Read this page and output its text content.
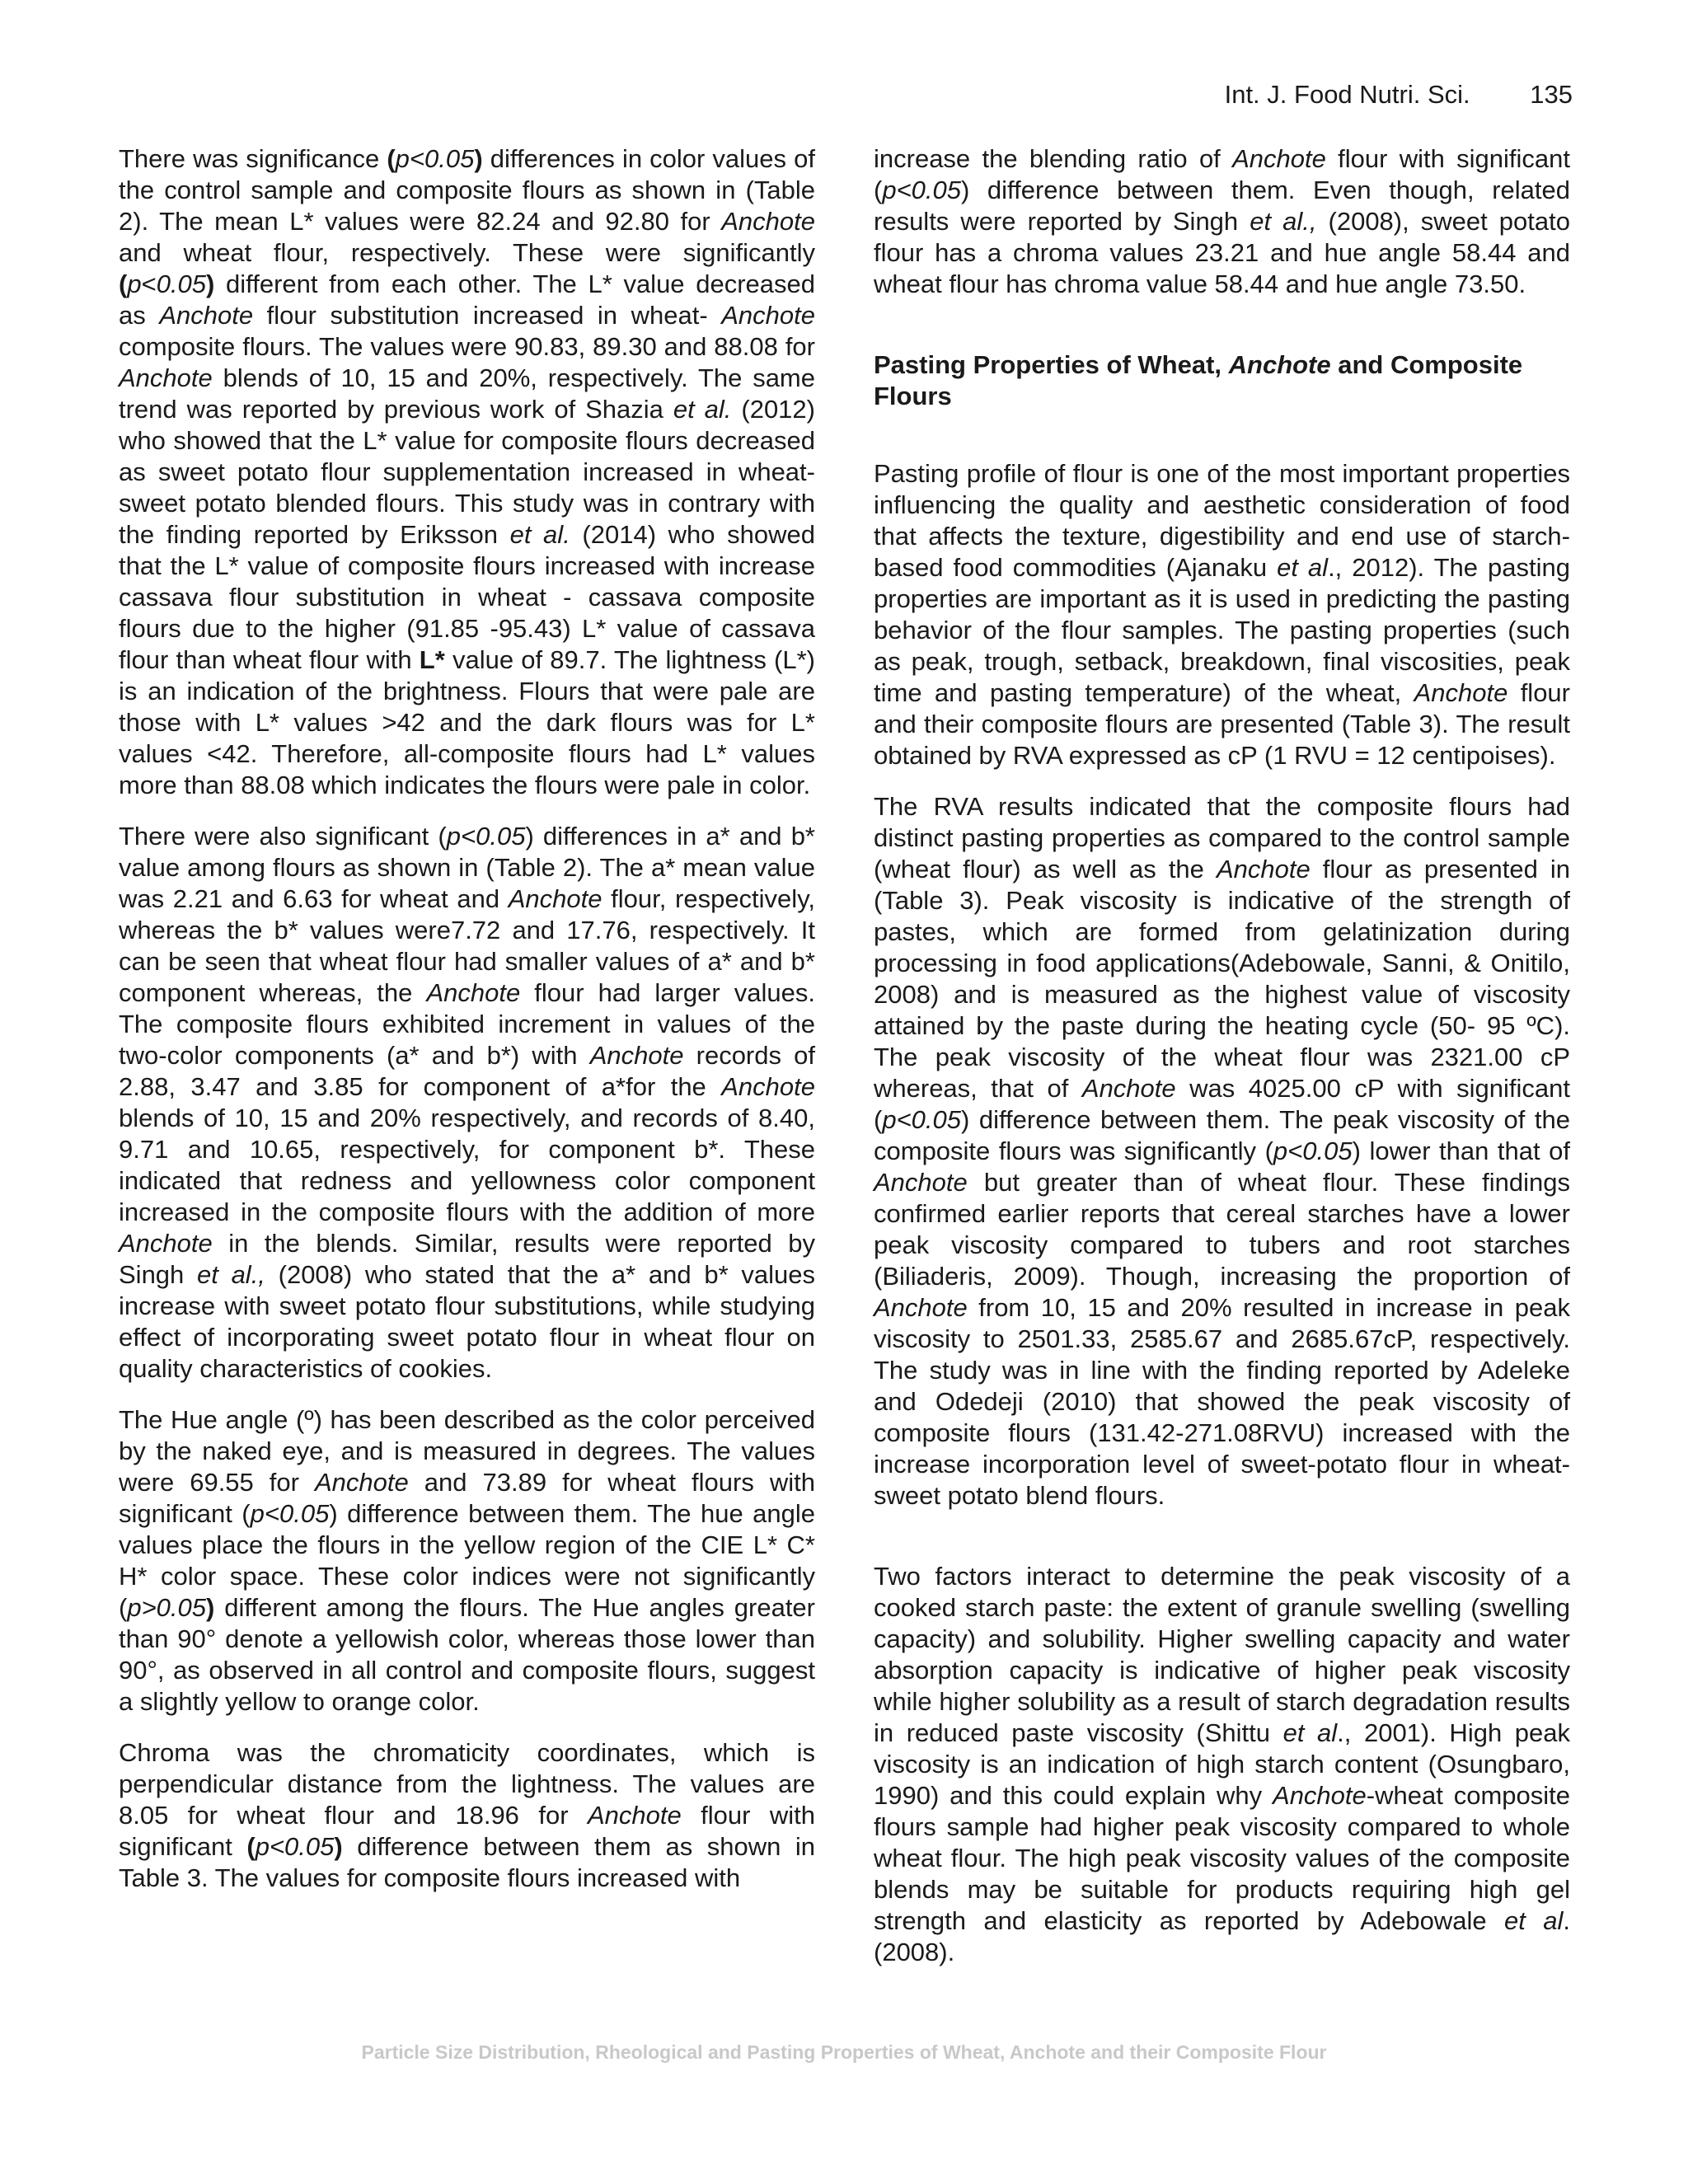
Int. J. Food Nutri. Sci. 135

There was significance (p<0.05) differences in color values of the control sample and composite flours as shown in (Table 2). The mean L* values were 82.24 and 92.80 for Anchote and wheat flour, respectively. These were significantly (p<0.05) different from each other. The L* value decreased as Anchote flour substitution increased in wheat- Anchote composite flours. The values were 90.83, 89.30 and 88.08 for Anchote blends of 10, 15 and 20%, respectively. The same trend was reported by previous work of Shazia et al. (2012) who showed that the L* value for composite flours decreased as sweet potato flour supplementation increased in wheat-sweet potato blended flours. This study was in contrary with the finding reported by Eriksson et al. (2014) who showed that the L* value of composite flours increased with increase cassava flour substitution in wheat - cassava composite flours due to the higher (91.85 -95.43) L* value of cassava flour than wheat flour with L* value of 89.7. The lightness (L*) is an indication of the brightness. Flours that were pale are those with L* values >42 and the dark flours was for L* values <42. Therefore, all-composite flours had L* values more than 88.08 which indicates the flours were pale in color.

There were also significant (p<0.05) differences in a* and b* value among flours as shown in (Table 2). The a* mean value was 2.21 and 6.63 for wheat and Anchote flour, respectively, whereas the b* values were7.72 and 17.76, respectively. It can be seen that wheat flour had smaller values of a* and b* component whereas, the Anchote flour had larger values. The composite flours exhibited increment in values of the two-color components (a* and b*) with Anchote records of 2.88, 3.47 and 3.85 for component of a*for the Anchote blends of 10, 15 and 20% respectively, and records of 8.40, 9.71 and 10.65, respectively, for component b*. These indicated that redness and yellowness color component increased in the composite flours with the addition of more Anchote in the blends. Similar, results were reported by Singh et al., (2008) who stated that the a* and b* values increase with sweet potato flour substitutions, while studying effect of incorporating sweet potato flour in wheat flour on quality characteristics of cookies.

The Hue angle (º) has been described as the color perceived by the naked eye, and is measured in degrees. The values were 69.55 for Anchote and 73.89 for wheat flours with significant (p<0.05) difference between them. The hue angle values place the flours in the yellow region of the CIE L* C* H* color space. These color indices were not significantly (p>0.05) different among the flours. The Hue angles greater than 90° denote a yellowish color, whereas those lower than 90°, as observed in all control and composite flours, suggest a slightly yellow to orange color.

Chroma was the chromaticity coordinates, which is perpendicular distance from the lightness. The values are 8.05 for wheat flour and 18.96 for Anchote flour with significant (p<0.05) difference between them as shown in Table 3. The values for composite flours increased with

increase the blending ratio of Anchote flour with significant (p<0.05) difference between them. Even though, related results were reported by Singh et al., (2008), sweet potato flour has a chroma values 23.21 and hue angle 58.44 and wheat flour has chroma value 58.44 and hue angle 73.50.

Pasting Properties of Wheat, Anchote and Composite Flours

Pasting profile of flour is one of the most important properties influencing the quality and aesthetic consideration of food that affects the texture, digestibility and end use of starch-based food commodities (Ajanaku et al., 2012). The pasting properties are important as it is used in predicting the pasting behavior of the flour samples. The pasting properties (such as peak, trough, setback, breakdown, final viscosities, peak time and pasting temperature) of the wheat, Anchote flour and their composite flours are presented (Table 3). The result obtained by RVA expressed as cP (1 RVU = 12 centipoises).

The RVA results indicated that the composite flours had distinct pasting properties as compared to the control sample (wheat flour) as well as the Anchote flour as presented in (Table 3). Peak viscosity is indicative of the strength of pastes, which are formed from gelatinization during processing in food applications(Adebowale, Sanni, & Onitilo, 2008) and is measured as the highest value of viscosity attained by the paste during the heating cycle (50- 95 ºC). The peak viscosity of the wheat flour was 2321.00 cP whereas, that of Anchote was 4025.00 cP with significant (p<0.05) difference between them. The peak viscosity of the composite flours was significantly (p<0.05) lower than that of Anchote but greater than of wheat flour. These findings confirmed earlier reports that cereal starches have a lower peak viscosity compared to tubers and root starches (Biliaderis, 2009). Though, increasing the proportion of Anchote from 10, 15 and 20% resulted in increase in peak viscosity to 2501.33, 2585.67 and 2685.67cP, respectively. The study was in line with the finding reported by Adeleke and Odedeji (2010) that showed the peak viscosity of composite flours (131.42-271.08RVU) increased with the increase incorporation level of sweet-potato flour in wheat-sweet potato blend flours.

Two factors interact to determine the peak viscosity of a cooked starch paste: the extent of granule swelling (swelling capacity) and solubility. Higher swelling capacity and water absorption capacity is indicative of higher peak viscosity while higher solubility as a result of starch degradation results in reduced paste viscosity (Shittu et al., 2001). High peak viscosity is an indication of high starch content (Osungbaro, 1990) and this could explain why Anchote-wheat composite flours sample had higher peak viscosity compared to whole wheat flour. The high peak viscosity values of the composite blends may be suitable for products requiring high gel strength and elasticity as reported by Adebowale et al. (2008).

Particle Size Distribution, Rheological and Pasting Properties of Wheat, Anchote and their Composite Flour
